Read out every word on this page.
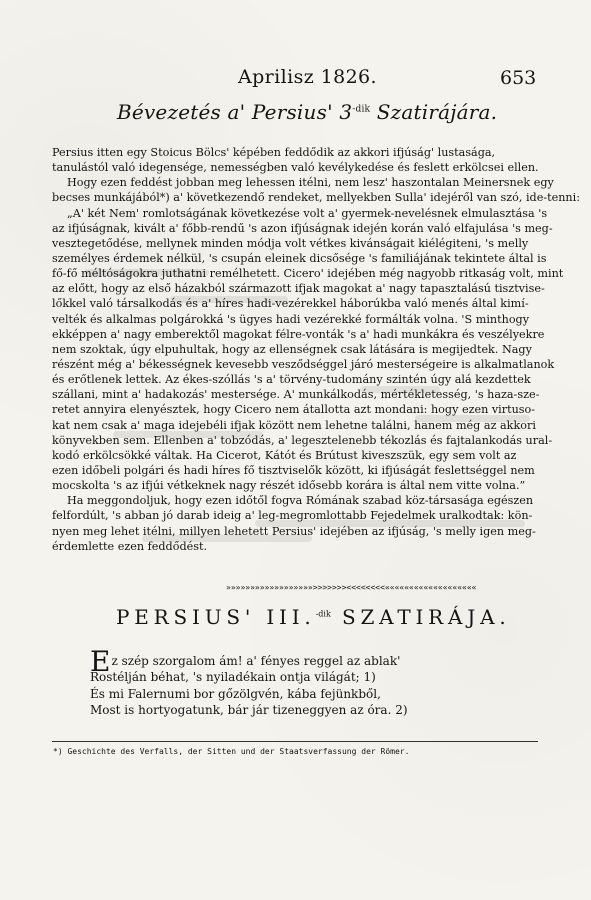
Aprilisz 1826.	653
Bévezetés a' Persius' $3^{-dik}$ Szatirájára.
Persius itten egy Stoicus Bölcs' képében feddődik az akkori ifjúság' lustasága,
tanulástól való idegensége, nemességben való kevélykedése és feslett erkölcsei ellen.
Hogy ezen feddést jobban meg lehessen itélni, nem lesz' haszontalan Meinersnek egy
becses munkájából*) a' következendő rendeket, mellyekben Sulla' idejéről van szó, ide-tenni:
„A' két Nem' romlotságának következése volt a' gyermek-nevelésnek elmulasztása 's
az ifjúságnak, kivált a' főbb-rendű 's azon ifjúságnak idején korán való elfajulása 's meg-
vesztegetődése, mellynek minden módja volt vétkes kivánságait kiélégiteni, 's melly
személyes érdemek nélkül, 's csupán eleinek dicsősége 's familiájának tekintete által is
fő-fő méltóságokra juthatni remélhetett. Cicero' idejében még nagyobb ritkaság volt, mint
az előtt, hogy az első házakból származott ifjak magokat a' nagy tapasztalású tisztvise-
lőkkel való társalkodás és a' híres hadi-vezérekkel háborúkba való menés által kimí-
velték és alkalmas polgárokká 's ügyes hadi vezérekké formálták volna. 'S minthogy
ekképpen a' nagy emberektől magokat félre-vonták 's a' hadi munkákra és veszélyekre
nem szoktak, úgy elpuhultak, hogy az ellenségnek csak látására is megijedtek. Nagy
részént még a' békességnek kevesebb vesződséggel járó mesterségeire is alkalmatlanok
és erőtlenek lettek. Az ékes-szóllás 's a' törvény-tudomány szintén úgy alá kezdettek
szállani, mint a' hadakozás' mestersége. A' munkálkodás, mértékletesség, 's haza-sze-
retet annyira elenyésztek, hogy Cicero nem átallotta azt mondani: hogy ezen virtuso-
kat nem csak a' maga idejebéli ifjak között nem lehetne találni, hanem még az akkori
könyvekben sem. Ellenben a' tobzódás, a' legesztelenebb tékozlás és fajtalankodás ural-
kodó erkölcsökké váltak. Ha Cicerot, Kátót és Brútust kiveszszük, egy sem volt az
ezen időbeli polgári és hadi híres fő tisztviselők között, ki ifjúságát feslettséggel nem
mocskolta 's az ifjúi vétkeknek nagy részét idősebb korára is által nem vitte volna.”
Ha meggondoljuk, hogy ezen időtől fogva Rómának szabad köz-társasága egészen
felfordúlt, 's abban jó darab ideig a' leg-megromlottabb Fejedelmek uralkodtak: kön-
nyen meg lehet itélni, millyen lehetett Persius' idejében az ifjúság, 's melly igen meg-
érdemlette ezen feddődést.
»»»»»»»»»»»»»»»»»»>>>>>>><<<<<<<<«««««««««««««««««««
PERSIUS' III.$^{-dik}$ SZATIRÁJA.
Ez szép szorgalom ám! a' fényes reggel az ablak'
Rostélján béhat, 's nyiladékain ontja világát; 1)
És mi Falernumi bor gőzölgvén, kába fejünkből,
Most is hortyogatunk, bár jár tizeneggyen az óra. 2)
*) Geschichte des Verfalls, der Sitten und der Staatsverfassung der Römer.
